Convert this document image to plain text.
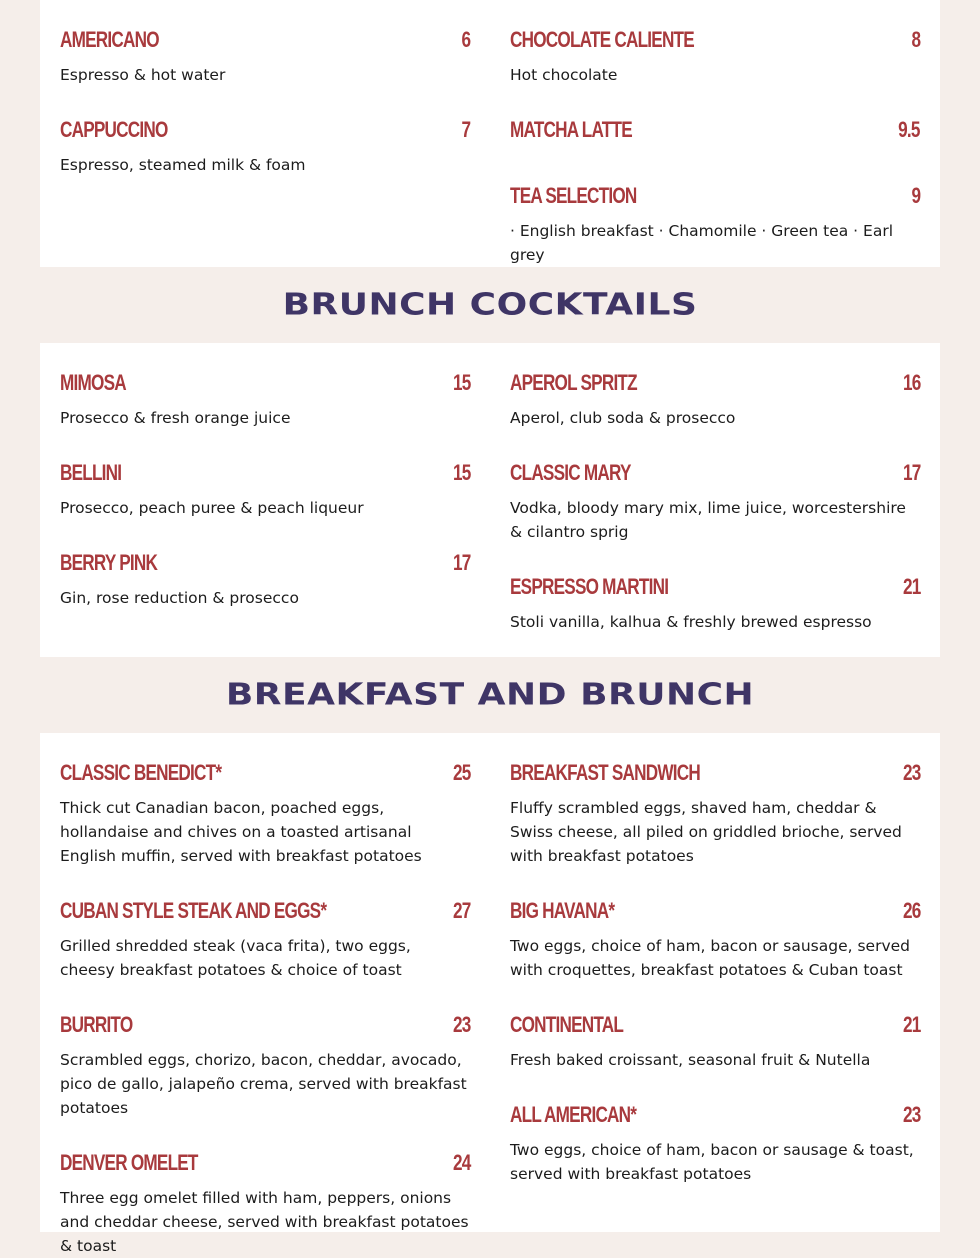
AMERICANO	6
Espresso & hot water
CAPPUCCINO	7
Espresso, steamed milk & foam
CHOCOLATE CALIENTE	8
Hot chocolate
MATCHA LATTE	9.5
TEA SELECTION	9
· English breakfast · Chamomile · Green tea · Earl grey
BRUNCH COCKTAILS
MIMOSA	15
Prosecco & fresh orange juice
BELLINI	15
Prosecco, peach puree & peach liqueur
BERRY PINK	17
Gin, rose reduction & prosecco
APEROL SPRITZ	16
Aperol, club soda & prosecco
CLASSIC MARY	17
Vodka, bloody mary mix, lime juice, worcestershire & cilantro sprig
ESPRESSO MARTINI	21
Stoli vanilla, kalhua & freshly brewed espresso
BREAKFAST AND BRUNCH
CLASSIC BENEDICT*	25
Thick cut Canadian bacon, poached eggs, hollandaise and chives on a toasted artisanal English muffin, served with breakfast potatoes
CUBAN STYLE STEAK AND EGGS*	27
Grilled shredded steak (vaca frita), two eggs, cheesy breakfast potatoes & choice of toast
BURRITO	23
Scrambled eggs, chorizo, bacon, cheddar, avocado, pico de gallo, jalapeño crema, served with breakfast potatoes
DENVER OMELET	24
Three egg omelet filled with ham, peppers, onions and cheddar cheese, served with breakfast potatoes & toast
BREAKFAST SANDWICH	23
Fluffy scrambled eggs, shaved ham, cheddar & Swiss cheese, all piled on griddled brioche, served with breakfast potatoes
BIG HAVANA*	26
Two eggs, choice of ham, bacon or sausage, served with croquettes, breakfast potatoes & Cuban toast
CONTINENTAL	21
Fresh baked croissant, seasonal fruit & Nutella
ALL AMERICAN*	23
Two eggs, choice of ham, bacon or sausage & toast, served with breakfast potatoes
